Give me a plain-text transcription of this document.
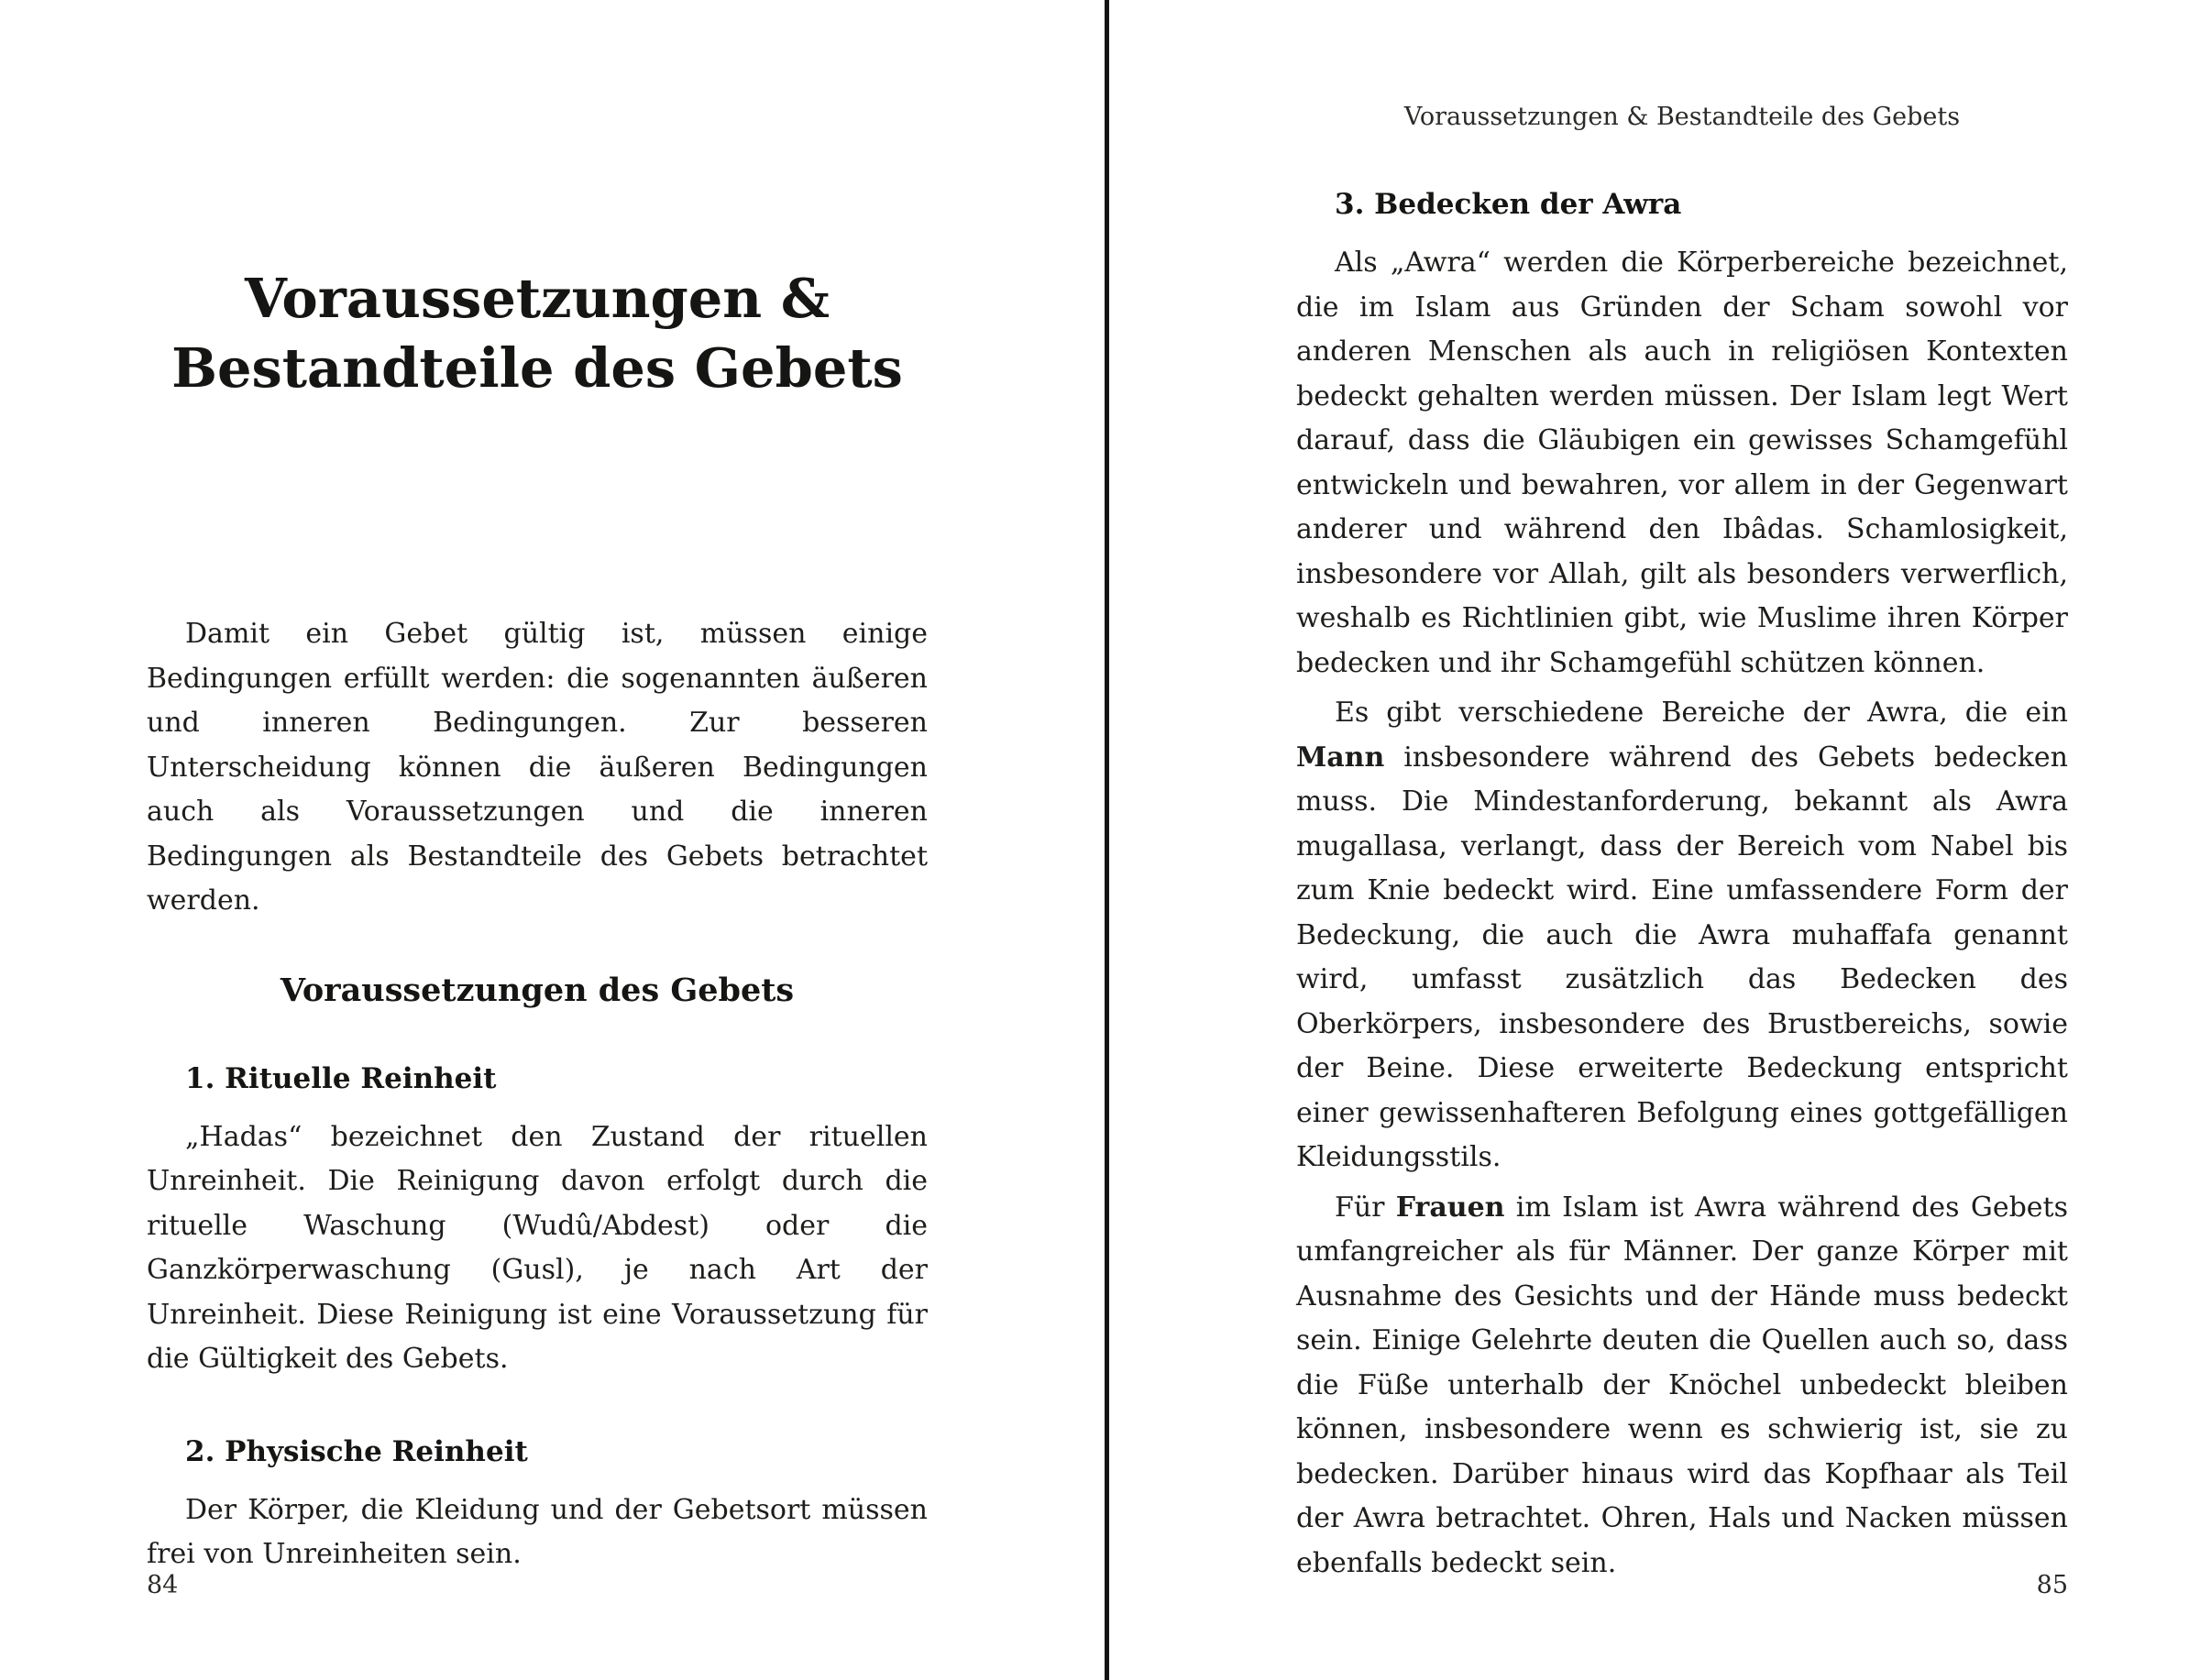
Voraussetzungen &
Bestandteile des Gebets

Damit ein Gebet gültig ist, müssen einige Bedingungen erfüllt werden: die sogenannten äußeren und inneren Bedingungen. Zur besseren Unterscheidung können die äußeren Bedingungen auch als Voraussetzungen und die inneren Bedingungen als Bestandteile des Gebets betrachtet werden.

Voraussetzungen des Gebets
1. Rituelle Reinheit

„Hadas“ bezeichnet den Zustand der rituellen Unreinheit. Die Reinigung davon erfolgt durch die rituelle Waschung (Wudû/Abdest) oder die Ganzkörperwaschung (Gusl), je nach Art der Unreinheit. Diese Reinigung ist eine Voraussetzung für die Gültigkeit des Gebets.

2. Physische Reinheit

Der Körper, die Kleidung und der Gebetsort müssen frei von Unreinheiten sein.

Voraussetzungen & Bestandteile des Gebets
3. Bedecken der Awra

Als „Awra“ werden die Körperbereiche bezeichnet, die im Islam aus Gründen der Scham sowohl vor anderen Menschen als auch in religiösen Kontexten bedeckt gehalten werden müssen. Der Islam legt Wert darauf, dass die Gläubigen ein gewisses Schamgefühl entwickeln und bewahren, vor allem in der Gegenwart anderer und während den Ibâdas. Schamlosigkeit, insbesondere vor Allah, gilt als besonders verwerflich, weshalb es Richtlinien gibt, wie Muslime ihren Körper bedecken und ihr Schamgefühl schützen können.

Es gibt verschiedene Bereiche der Awra, die ein Mann insbesondere während des Gebets bedecken muss. Die Mindestanforderung, bekannt als Awra mugallasa, verlangt, dass der Bereich vom Nabel bis zum Knie bedeckt wird. Eine umfassendere Form der Bedeckung, die auch die Awra muhaffafa genannt wird, umfasst zusätzlich das Bedecken des Oberkörpers, insbesondere des Brustbereichs, sowie der Beine. Diese erweiterte Bedeckung entspricht einer gewissenhafteren Befolgung eines gottgefälligen Kleidungsstils.

Für Frauen im Islam ist Awra während des Gebets umfangreicher als für Männer. Der ganze Körper mit Ausnahme des Gesichts und der Hände muss bedeckt sein. Einige Gelehrte deuten die Quellen auch so, dass die Füße unterhalb der Knöchel unbedeckt bleiben können, insbesondere wenn es schwierig ist, sie zu bedecken. Darüber hinaus wird das Kopfhaar als Teil der Awra betrachtet. Ohren, Hals und Nacken müssen ebenfalls bedeckt sein.

84	85
